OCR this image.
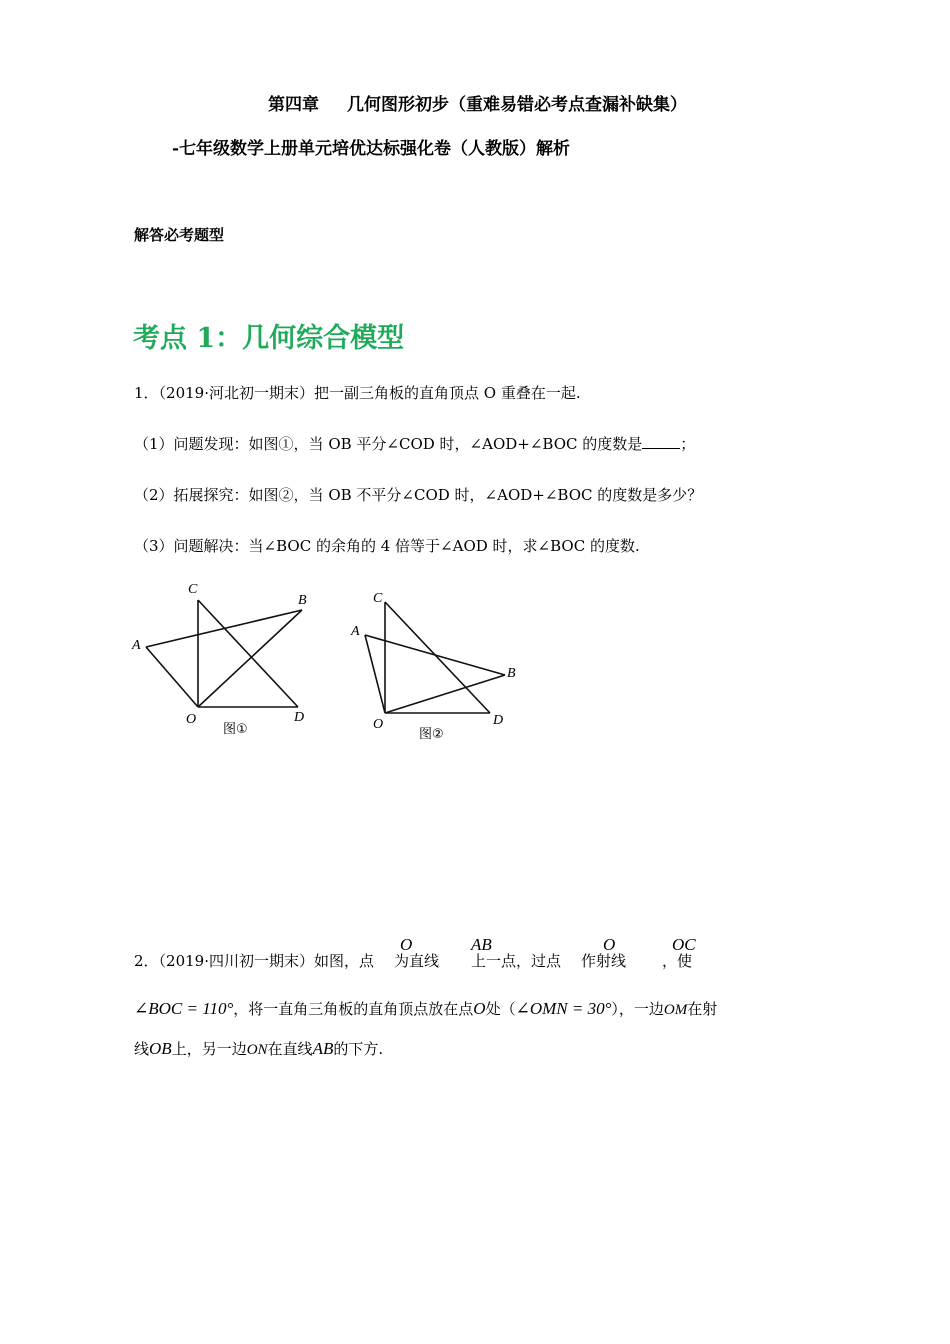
第四章 几何图形初步（重难易错必考点查漏补缺集）
-七年级数学上册单元培优达标强化卷（人教版）解析
解答必考题型
考点 1：几何综合模型
1．（2019·河北初一期末）把一副三角板的直角顶点 O 重叠在一起.
（1）问题发现：如图①，当 OB 平分∠COD 时，∠AOD+∠BOC 的度数是	；
（2）拓展探究：如图②，当 OB 不平分∠COD 时，∠AOD+∠BOC 的度数是多少？
（3）问题解决：当∠BOC 的余角的 4 倍等于∠AOD 时，求∠BOC 的度数.
C
B
A
O	D
图①
C
A
B
O	D
图②
2．（2019·四川初一期末）如图，点 为直线 上一点，过点 作射线 ，使
O	AB	O	OC
∠BOC = 110°，将一直角三角板的直角顶点放在点O处（∠OMN = 30°），一边OM在射
线OB上，另一边ON在直线AB的下方.
